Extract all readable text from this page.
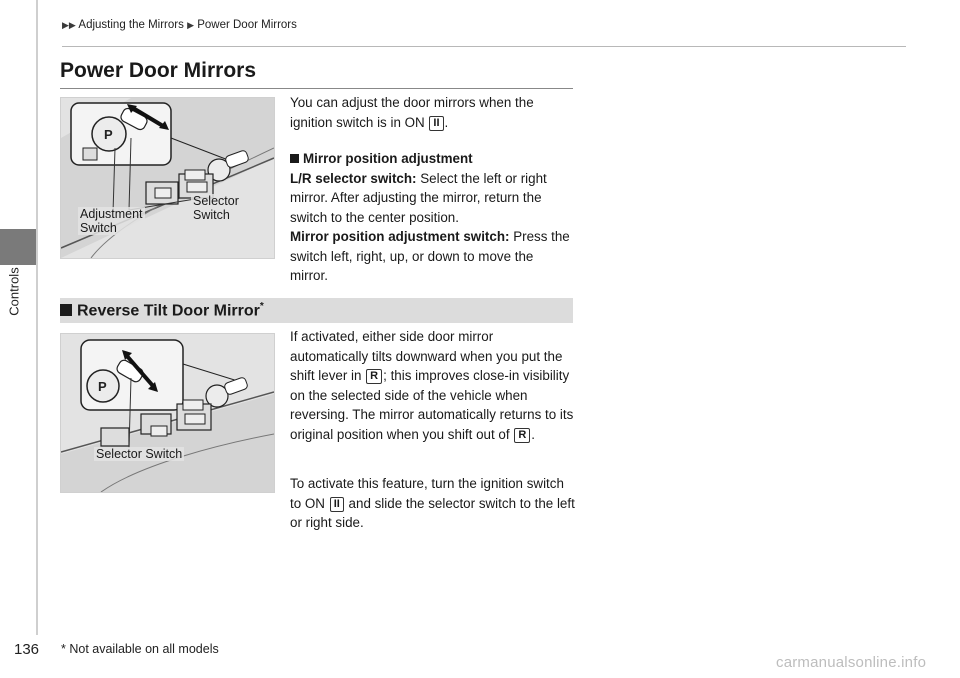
Controls
▶▶ Adjusting the Mirrors ▶ Power Door Mirrors
Power Door Mirrors
P
Adjustment
Switch
Selector
Switch

You can adjust the door mirrors when the ignition switch is in ON II .

Mirror position adjustment

L/R selector switch: Select the left or right mirror. After adjusting the mirror, return the switch to the center position.

Mirror position adjustment switch: Press the switch left, right, up, or down to move the mirror.

Reverse Tilt Door Mirror*
P
Selector Switch

If activated, either side door mirror automatically tilts downward when you put the shift lever in R ; this improves close-in visibility on the selected side of the vehicle when reversing. The mirror automatically returns to its original position when you shift out of R .

To activate this feature, turn the ignition switch to ON II and slide the selector switch to the left or right side.

136 * Not available on all models
carmanualsonline.info
